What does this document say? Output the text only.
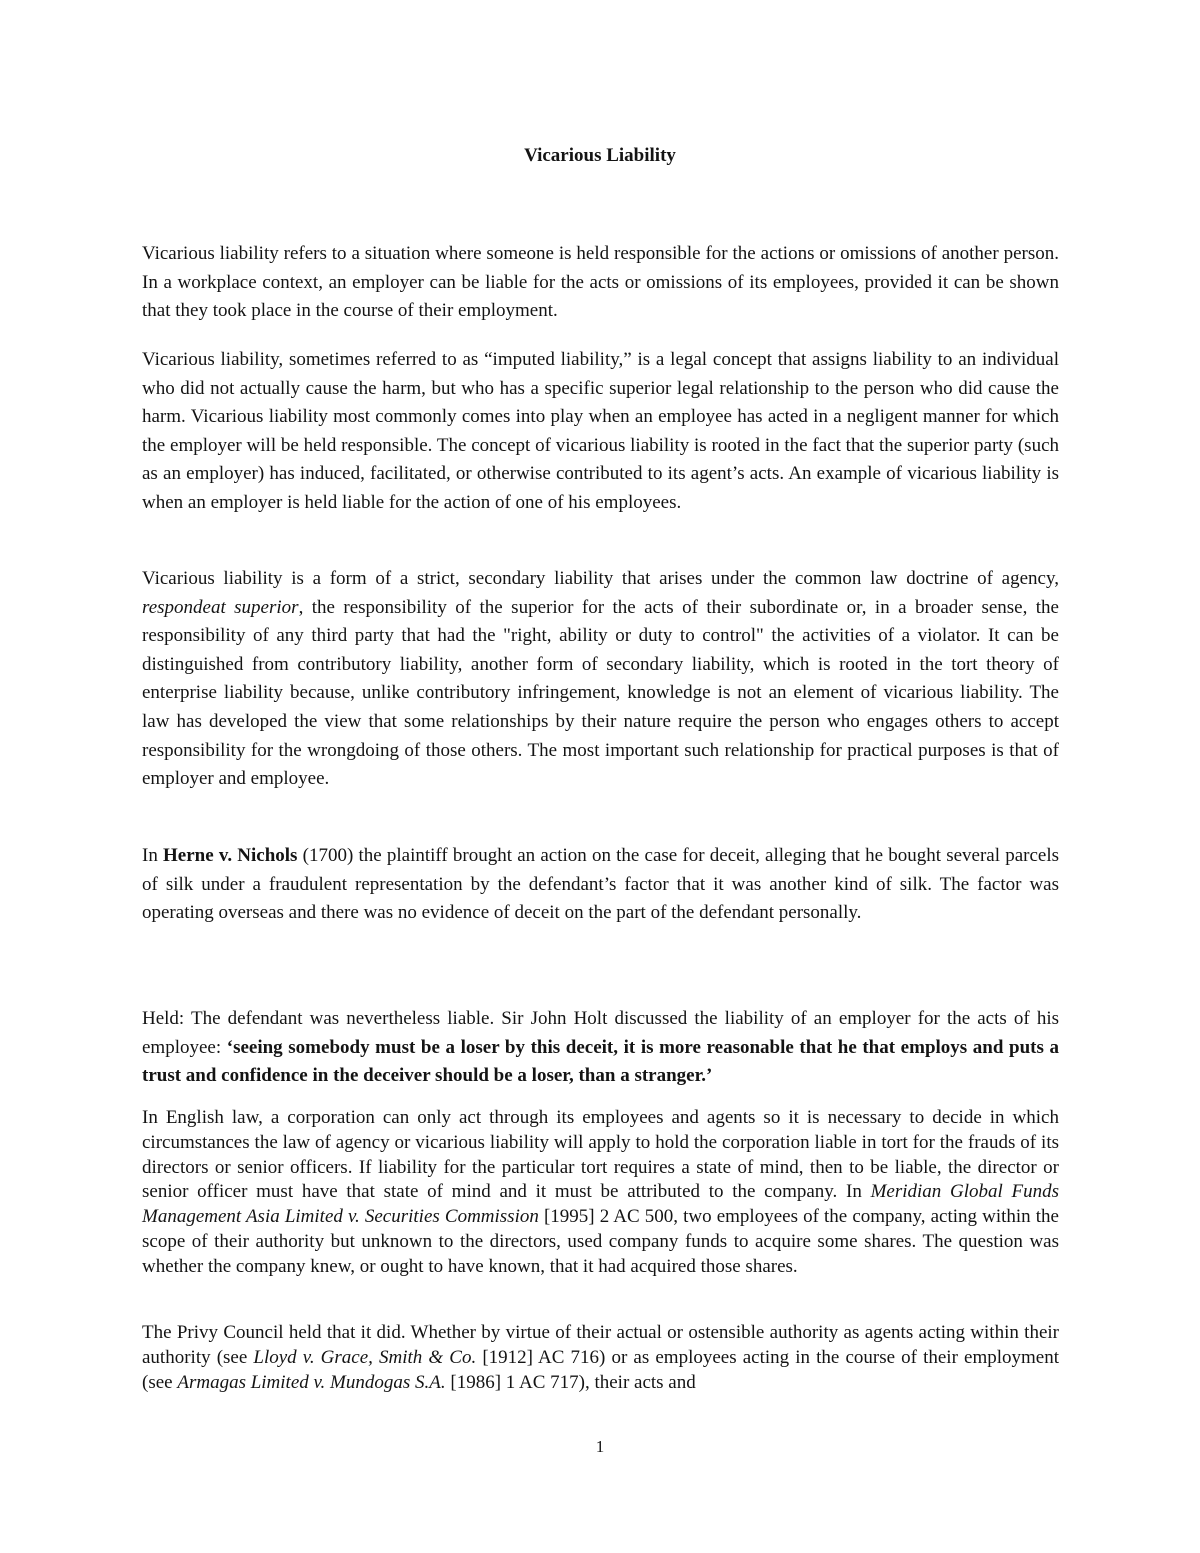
Vicarious Liability

Vicarious liability refers to a situation where someone is held responsible for the actions or omissions of another person. In a workplace context, an employer can be liable for the acts or omissions of its employees, provided it can be shown that they took place in the course of their employment.

Vicarious liability, sometimes referred to as “imputed liability,” is a legal concept that assigns liability to an individual who did not actually cause the harm, but who has a specific superior legal relationship to the person who did cause the harm. Vicarious liability most commonly comes into play when an employee has acted in a negligent manner for which the employer will be held responsible. The concept of vicarious liability is rooted in the fact that the superior party (such as an employer) has induced, facilitated, or otherwise contributed to its agent’s acts. An example of vicarious liability is when an employer is held liable for the action of one of his employees.

Vicarious liability is a form of a strict, secondary liability that arises under the common law doctrine of agency, respondeat superior, the responsibility of the superior for the acts of their subordinate or, in a broader sense, the responsibility of any third party that had the "right, ability or duty to control" the activities of a violator. It can be distinguished from contributory liability, another form of secondary liability, which is rooted in the tort theory of enterprise liability because, unlike contributory infringement, knowledge is not an element of vicarious liability. The law has developed the view that some relationships by their nature require the person who engages others to accept responsibility for the wrongdoing of those others. The most important such relationship for practical purposes is that of employer and employee.

In Herne v. Nichols (1700) the plaintiff brought an action on the case for deceit, alleging that he bought several parcels of silk under a fraudulent representation by the defendant’s factor that it was another kind of silk. The factor was operating overseas and there was no evidence of deceit on the part of the defendant personally.

Held: The defendant was nevertheless liable. Sir John Holt discussed the liability of an employer for the acts of his employee: ‘seeing somebody must be a loser by this deceit, it is more reasonable that he that employs and puts a trust and confidence in the deceiver should be a loser, than a stranger.’

In English law, a corporation can only act through its employees and agents so it is necessary to decide in which circumstances the law of agency or vicarious liability will apply to hold the corporation liable in tort for the frauds of its directors or senior officers. If liability for the particular tort requires a state of mind, then to be liable, the director or senior officer must have that state of mind and it must be attributed to the company. In Meridian Global Funds Management Asia Limited v. Securities Commission [1995] 2 AC 500, two employees of the company, acting within the scope of their authority but unknown to the directors, used company funds to acquire some shares. The question was whether the company knew, or ought to have known, that it had acquired those shares.

The Privy Council held that it did. Whether by virtue of their actual or ostensible authority as agents acting within their authority (see Lloyd v. Grace, Smith & Co. [1912] AC 716) or as employees acting in the course of their employment (see Armagas Limited v. Mundogas S.A. [1986] 1 AC 717), their acts and

1
